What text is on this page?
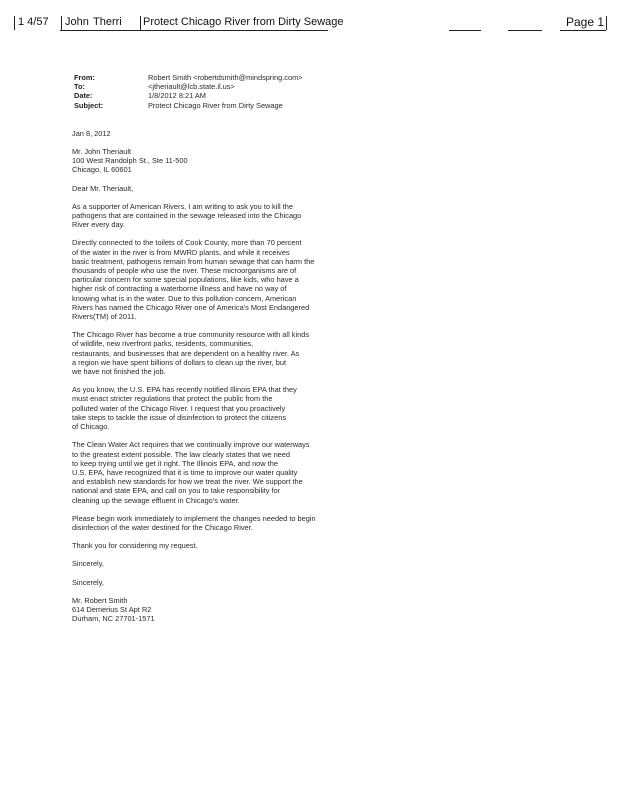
1 4/57 John Therri Protect Chicago River from Dirty Sewage	Page 1
From:	Robert Smith <robertdsmith@mindspring.com>
To:	<jtheriault@lcb.state.il.us>
Date:	1/8/2012 8:21 AM
Subject:	Protect Chicago River from Dirty Sewage

Jan 8, 2012

Mr. John Theriault
100 West Randolph St., Ste 11-500
Chicago, IL 60601

Dear Mr. Theriault,

As a supporter of American Rivers, I am writing to ask you to kill the
pathogens that are contained in the sewage released into the Chicago
River every day.

Directly connected to the toilets of Cook County, more than 70 percent
of the water in the river is from MWRD plants, and while it receives
basic treatment, pathogens remain from human sewage that can harm the
thousands of people who use the river. These microorganisms are of
particular concern for some special populations, like kids, who have a
higher risk of contracting a waterborne illness and have no way of
knowing what is in the water. Due to this pollution concern, American
Rivers has named the Chicago River one of America's Most Endangered
Rivers(TM) of 2011.

The Chicago River has become a true community resource with all kinds
of wildlife, new riverfront parks, residents, communities,
restaurants, and businesses that are dependent on a healthy river. As
a region we have spent billions of dollars to clean up the river, but
we have not finished the job.

As you know, the U.S. EPA has recently notified Illinois EPA that they
must enact stricter regulations that protect the public from the
polluted water of the Chicago River. I request that you proactively
take steps to tackle the issue of disinfection to protect the citizens
of Chicago.

The Clean Water Act requires that we continually improve our waterways
to the greatest extent possible. The law clearly states that we need
to keep trying until we get it right. The Illinois EPA, and now the
U.S. EPA, have recognized that it is time to improve our water quality
and establish new standards for how we treat the river. We support the
national and state EPA, and call on you to take responsibility for
cleaning up the sewage effluent in Chicago's water.

Please begin work immediately to implement the changes needed to begin
disinfection of the water destined for the Chicago River.

Thank you for considering my request.

Sincerely,

Sincerely,

Mr. Robert Smith
614 Demerius St Apt R2
Durham, NC 27701-1571
